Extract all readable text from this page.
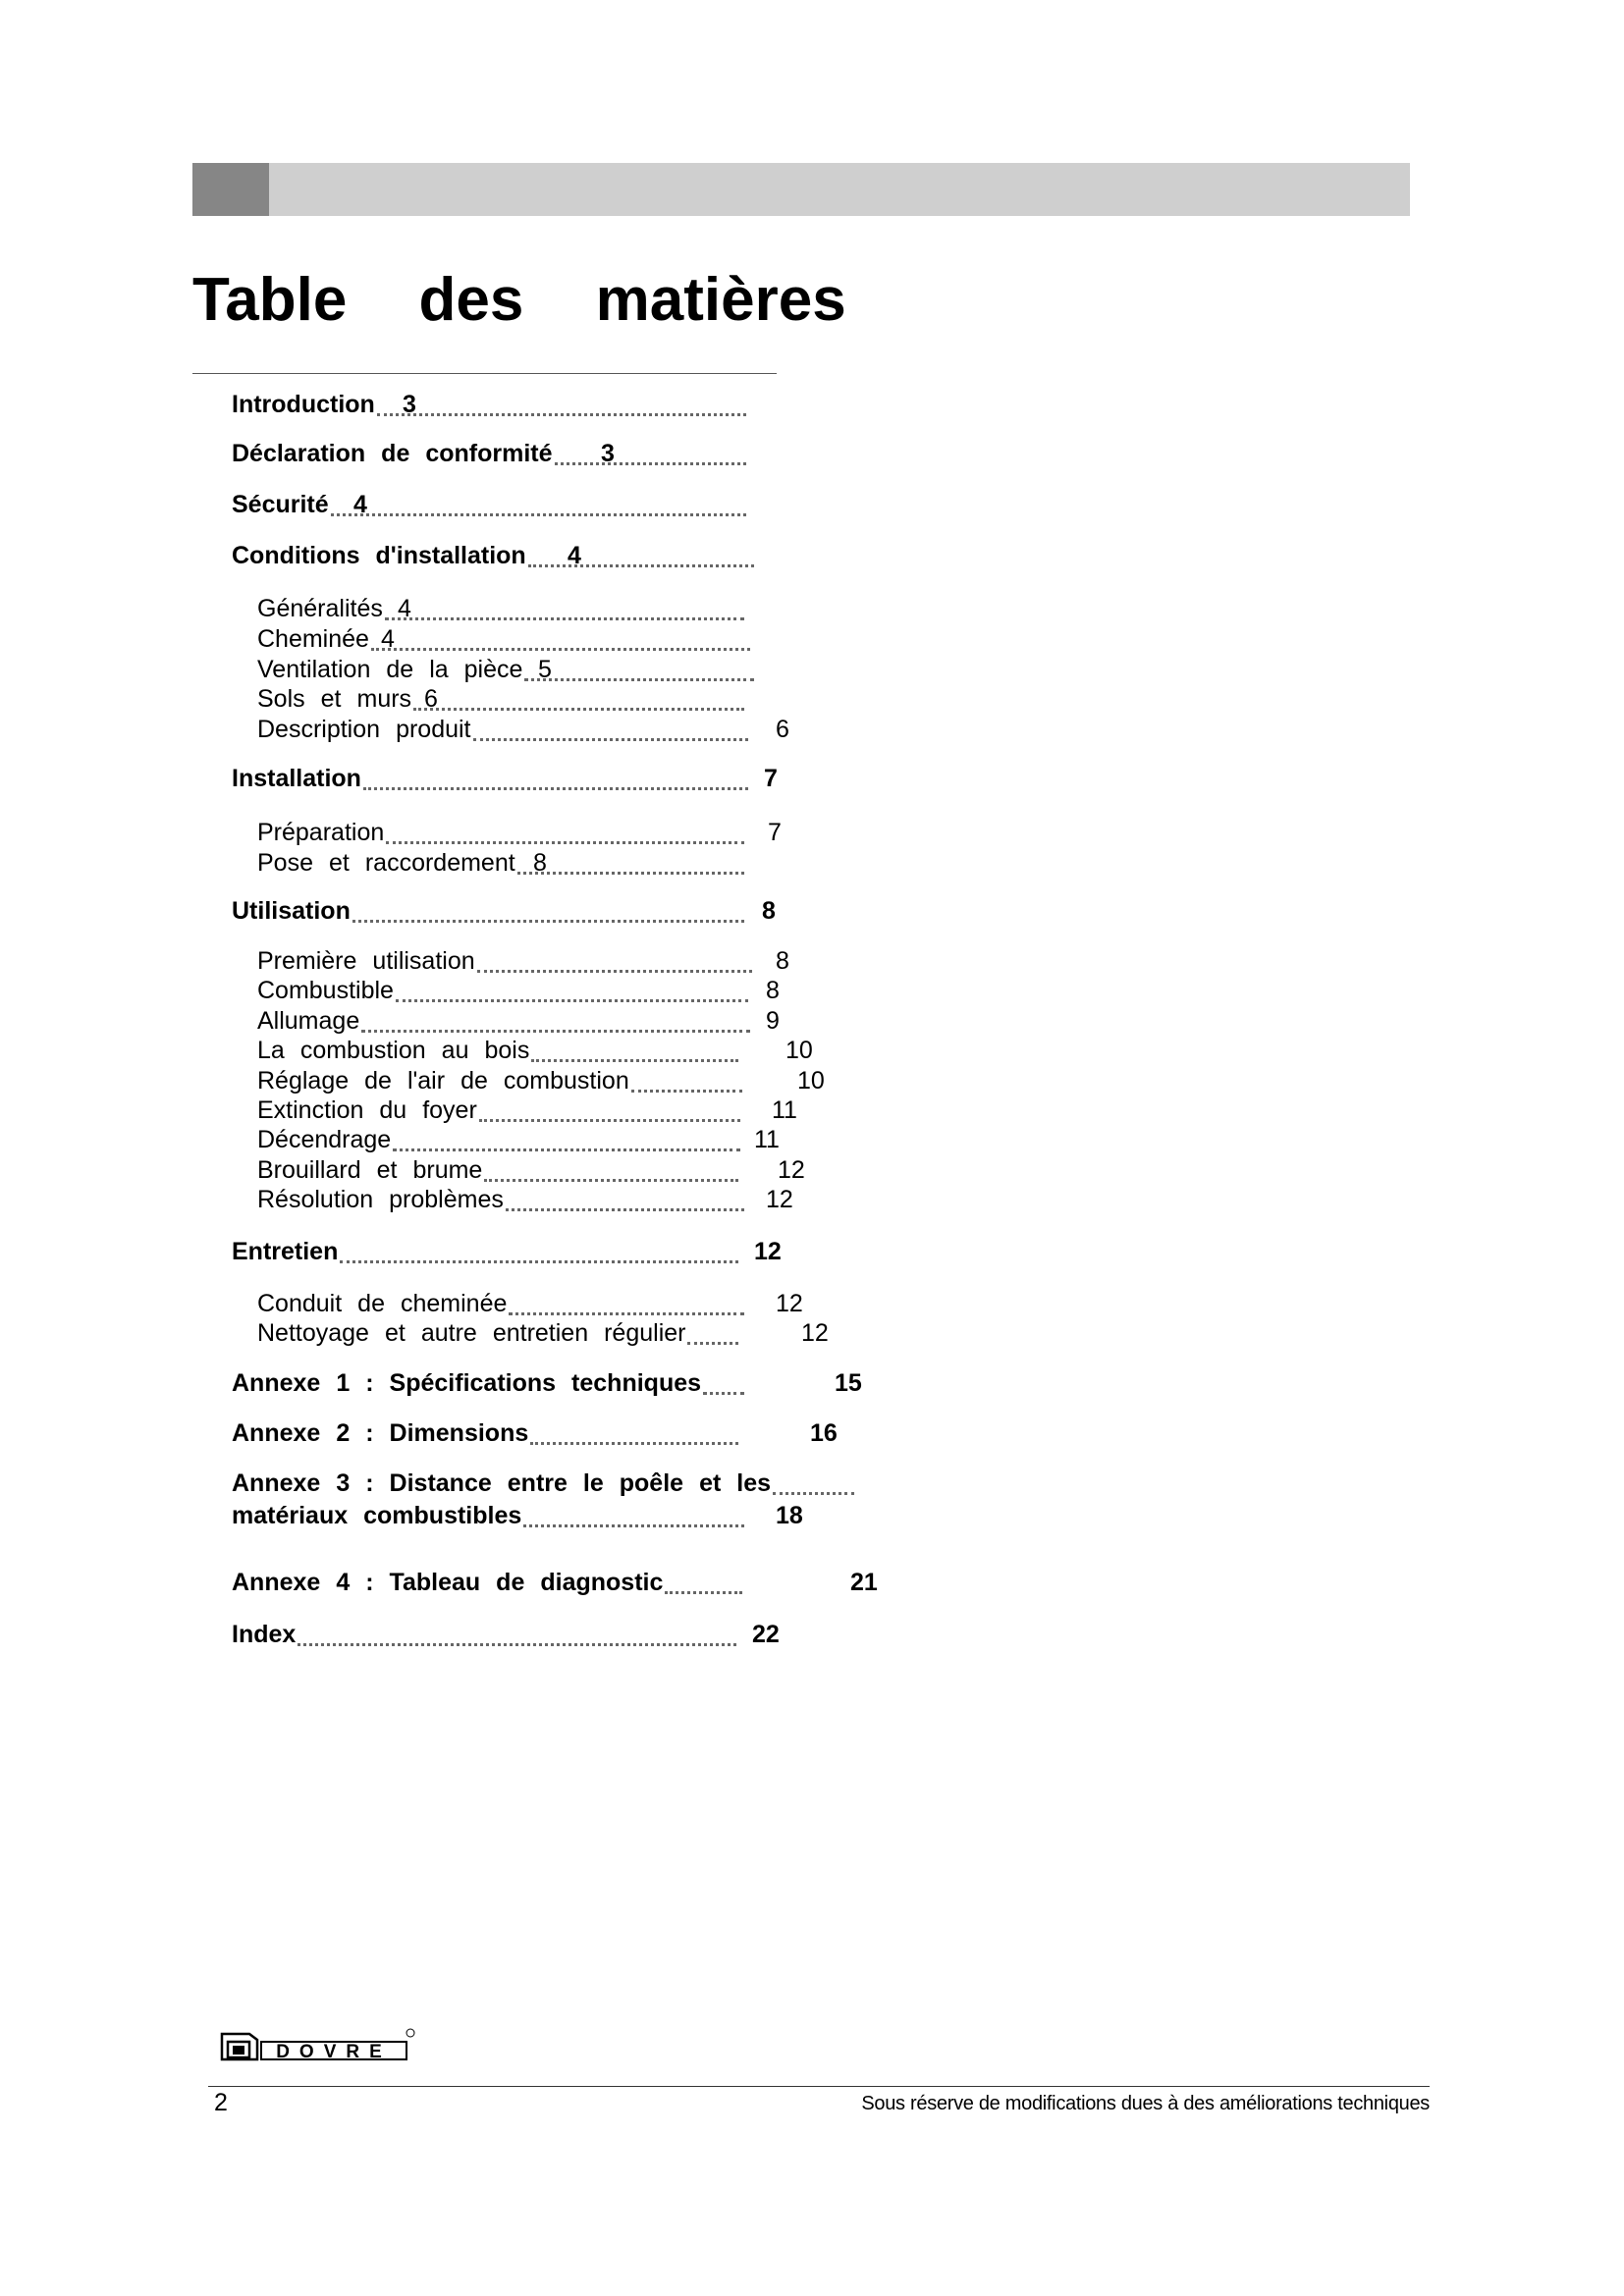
Table des matières
Introduction 3
Déclaration de conformité 3
Sécurité 4
Conditions d'installation 4
Généralités 4
Cheminée 4
Ventilation de la pièce 5
Sols et murs 6
Description produit	6
Installation	7
Préparation	7
Pose et raccordement 8
Utilisation	8
Première utilisation	8
Combustible	8
Allumage	9
La combustion au bois	10
Réglage de l'air de combustion	10
Extinction du foyer	11
Décendrage	11
Brouillard et brume	12
Résolution problèmes	12
Entretien	12
Conduit de cheminée	12
Nettoyage et autre entretien régulier	12
Annexe 1 : Spécifications techniques	15
Annexe 2 : Dimensions	16
Annexe 3 : Distance entre le poêle et les
matériaux combustibles	18
Annexe 4 : Tableau de diagnostic	21
Index	22
DOVRE
2	Sous réserve de modifications dues à des améliorations techniques
